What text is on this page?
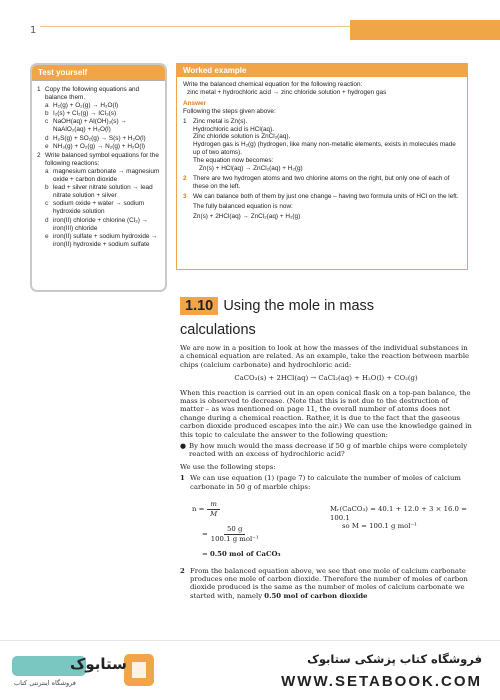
1
Chemical formulae and moles
Test yourself
1 Copy the following equations and balance them.
a H₂(g) + O₂(g) → H₂O(l)
b I₂(s) + Cl₂(g) → ICl₃(s)
c NaOH(aq) + Al(OH)₃(s) →
NaAlO₂(aq) + H₂O(l)
d H₂S(g) + SO₂(g) → S(s) + H₂O(l)
e NH₃(g) + O₂(g) → N₂(g) + H₂O(l)
2 Write balanced symbol equations for the following reactions:
a magnesium carbonate → magnesium oxide + carbon dioxide
b lead + silver nitrate solution → lead nitrate solution + silver
c sodium oxide + water → sodium hydroxide solution
d iron(II) chloride + chlorine (Cl₂) → iron(III) chloride
e iron(II) sulfate + sodium hydroxide → iron(II) hydroxide + sodium sulfate
Worked example
Write the balanced chemical equation for the following reaction:
zinc metal + hydrochloric acid → zinc chloride solution + hydrogen gas
Answer
Following the steps given above:
1	Zinc metal is Zn(s).
Hydrochloric acid is HCl(aq).
Zinc chloride solution is ZnCl₂(aq).
Hydrogen gas is H₂(g) (hydrogen, like many non-metallic elements, exists in molecules made up of two atoms).
The equation now becomes:
Zn(s) + HCl(aq) → ZnCl₂(aq) + H₂(g)
2	There are two hydrogen atoms and two chlorine atoms on the right, but only one of each of these on the left.
3	We can balance both of them by just one change – having two formula units of HCl on the left.
The fully balanced equation is now:
Zn(s) + 2HCl(aq) → ZnCl₂(aq) + H₂(g)
1.10 Using the mole in mass
calculations

We are now in a position to look at how the masses of the individual substances in a chemical equation are related. As an example, take the reaction between marble chips (calcium carbonate) and hydrochloric acid:

CaCO₃(s) + 2HCl(aq) → CaCl₂(aq) + H₂O(l) + CO₂(g)

When this reaction is carried out in an open conical flask on a top-pan balance, the mass is observed to decrease. (Note that this is not due to the destruction of matter – as was mentioned on page 11, the overall number of atoms does not change during a chemical reaction. Rather, it is due to the fact that the gaseous carbon dioxide produced escapes into the air.) We can use the knowledge gained in this topic to calculate the answer to the following question:

● By how much would the mass decrease if 50 g of marble chips were completely reacted with an excess of hydrochloric acid?

We use the following steps:

1 We can use equation (1) (page 7) to calculate the number of moles of calcium carbonate in 50 g of marble chips:
$n = \frac{m}{M}$
= $\frac{50 g}{\text{100.1 g mol⁻¹}}$
= 0.50 mol of CaCO₃
Mᵣ(CaCO₃) = 40.1 + 12.0 + 3 × 16.0 = 100.1
so M = 100.1 g mol⁻¹
2 From the balanced equation above, we see that one mole of calcium carbonate produces one mole of carbon dioxide. Therefore the number of moles of carbon dioxide produced is the same as the number of moles of calcium carbonate we started with, namely 0.50 mol of carbon dioxide
ستابوک
فروشگاه اینترنتی کتاب
فروشگاه کتاب پزشکی ستابوک
WWW.SETABOOK.COM
